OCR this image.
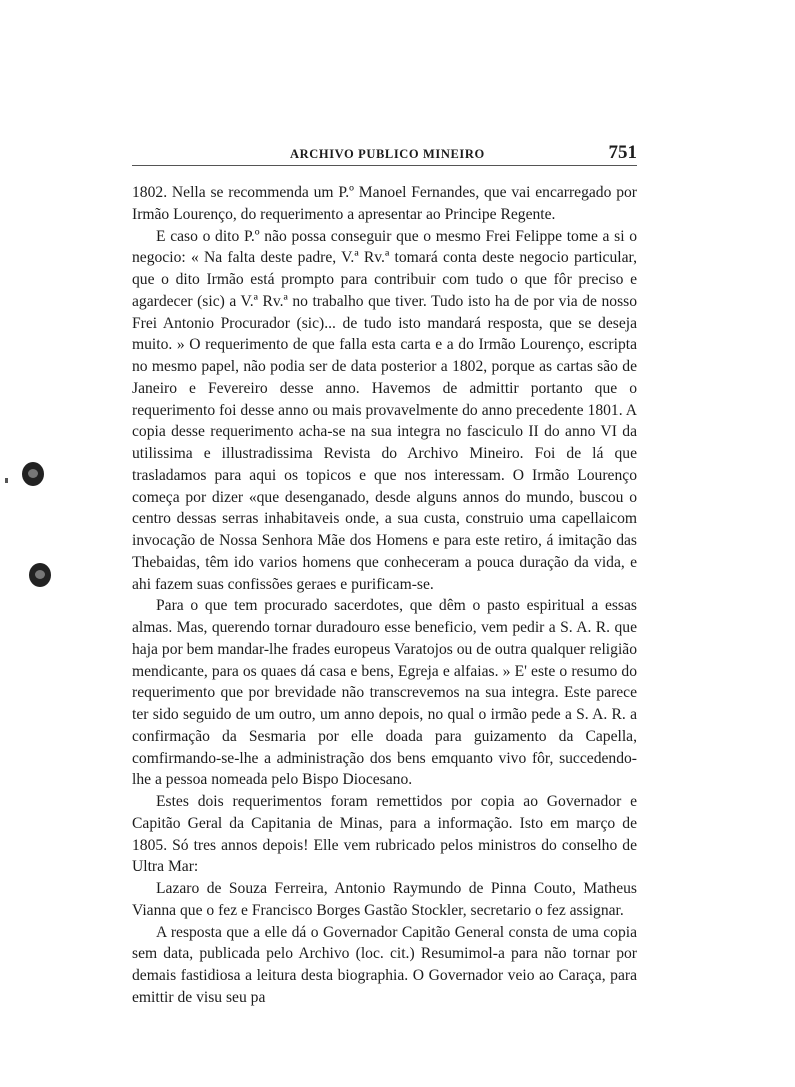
ARCHIVO PUBLICO MINEIRO	751

1802. Nella se recommenda um P.º Manoel Fernandes, que vai encarregado por Irmão Lourenço, do requerimento a apresentar ao Principe Regente.

E caso o dito P.º não possa conseguir que o mesmo Frei Felippe tome a si o negocio: « Na falta deste padre, V.ª Rv.ª tomará conta deste negocio particular, que o dito Irmão está prompto para contribuir com tudo o que fôr preciso e agardecer (sic) a V.ª Rv.ª no trabalho que tiver. Tudo isto ha de por via de nosso Frei Antonio Procurador (sic)... de tudo isto mandará resposta, que se deseja muito. » O requerimento de que falla esta carta e a do Irmão Lourenço, escripta no mesmo papel, não podia ser de data posterior a 1802, porque as cartas são de Janeiro e Fevereiro desse anno. Havemos de admittir portanto que o requerimento foi desse anno ou mais provavelmente do anno precedente 1801. A copia desse requerimento acha-se na sua integra no fasciculo II do anno VI da utilissima e illustradissima Revista do Archivo Mineiro. Foi de lá que trasladamos para aqui os topicos e que nos interessam. O Irmão Lourenço começa por dizer «que desenganado, desde alguns annos do mundo, buscou o centro dessas serras inhabitaveis onde, a sua custa, construio uma capellaicom invocação de Nossa Senhora Mãe dos Homens e para este retiro, á imitação das Thebaidas, têm ido varios homens que conheceram a pouca duração da vida, e ahi fazem suas confissões geraes e purificam-se.

Para o que tem procurado sacerdotes, que dêm o pasto espiritual a essas almas. Mas, querendo tornar duradouro esse beneficio, vem pedir a S. A. R. que haja por bem mandar-lhe frades europeus Varatojos ou de outra qualquer religião mendicante, para os quaes dá casa e bens, Egreja e alfaias. » E' este o resumo do requerimento que por brevidade não transcrevemos na sua integra. Este parece ter sido seguido de um outro, um anno depois, no qual o irmão pede a S. A. R. a confirmação da Sesmaria por elle doada para guizamento da Capella, comfirmando-se-lhe a administração dos bens emquanto vivo fôr, succedendo-lhe a pessoa nomeada pelo Bispo Diocesano.

Estes dois requerimentos foram remettidos por copia ao Governador e Capitão Geral da Capitania de Minas, para a informação. Isto em março de 1805. Só tres annos depois! Elle vem rubricado pelos ministros do conselho de Ultra Mar:

Lazaro de Souza Ferreira, Antonio Raymundo de Pinna Couto, Matheus Vianna que o fez e Francisco Borges Gastão Stockler, secretario o fez assignar.

A resposta que a elle dá o Governador Capitão General consta de uma copia sem data, publicada pelo Archivo (loc. cit.) Resumimol-a para não tornar por demais fastidiosa a leitura desta biographia. O Governador veio ao Caraça, para emittir de visu seu pa
